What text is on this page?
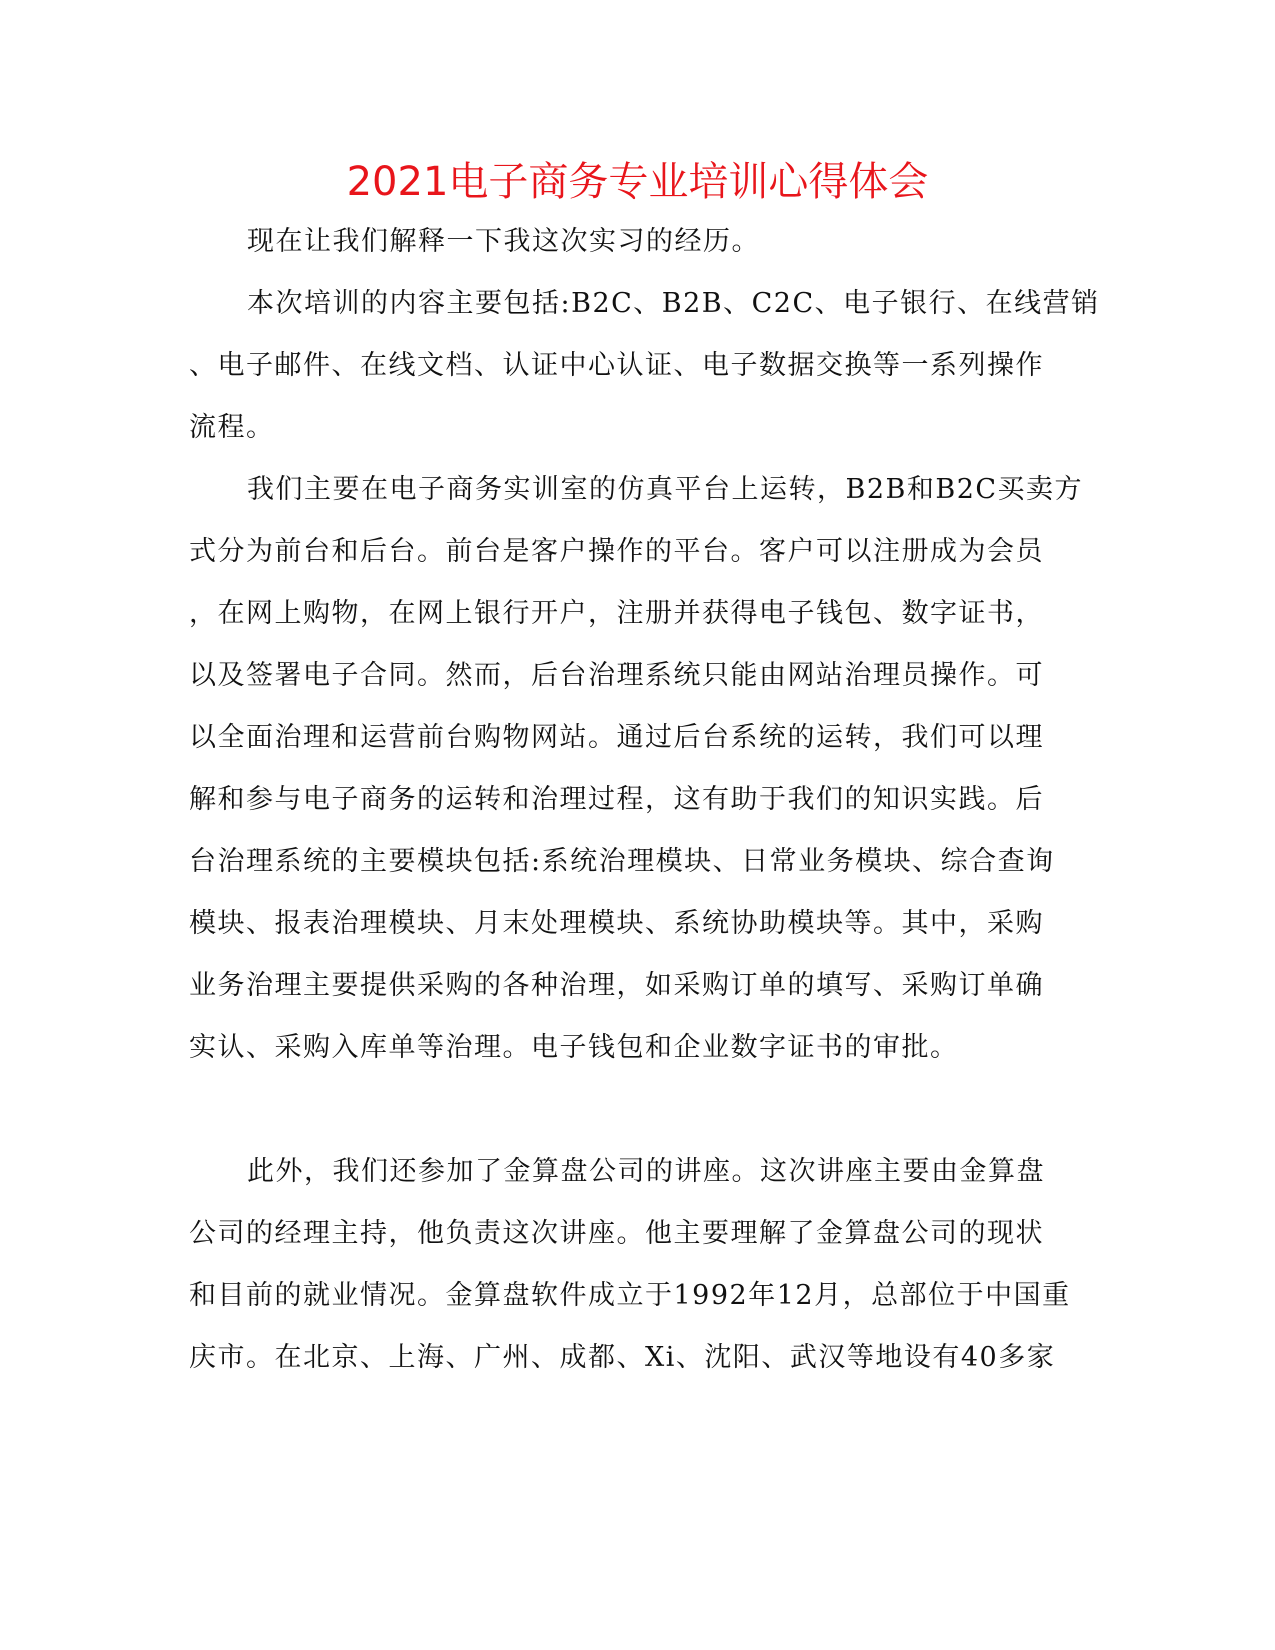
2021电子商务专业培训心得体会
现在让我们解释一下我这次实习的经历。
本次培训的内容主要包括:B2C、B2B、C2C、电子银行、在线营销
、电子邮件、在线文档、认证中心认证、电子数据交换等一系列操作
流程。
我们主要在电子商务实训室的仿真平台上运转，B2B和B2C买卖方
式分为前台和后台。前台是客户操作的平台。客户可以注册成为会员
，在网上购物，在网上银行开户，注册并获得电子钱包、数字证书，
以及签署电子合同。然而，后台治理系统只能由网站治理员操作。可
以全面治理和运营前台购物网站。通过后台系统的运转，我们可以理
解和参与电子商务的运转和治理过程，这有助于我们的知识实践。后
台治理系统的主要模块包括:系统治理模块、日常业务模块、综合查询
模块、报表治理模块、月末处理模块、系统协助模块等。其中，采购
业务治理主要提供采购的各种治理，如采购订单的填写、采购订单确
实认、采购入库单等治理。电子钱包和企业数字证书的审批。
此外，我们还参加了金算盘公司的讲座。这次讲座主要由金算盘
公司的经理主持，他负责这次讲座。他主要理解了金算盘公司的现状
和目前的就业情况。金算盘软件成立于1992年12月，总部位于中国重
庆市。在北京、上海、广州、成都、Xi、沈阳、武汉等地设有40多家
